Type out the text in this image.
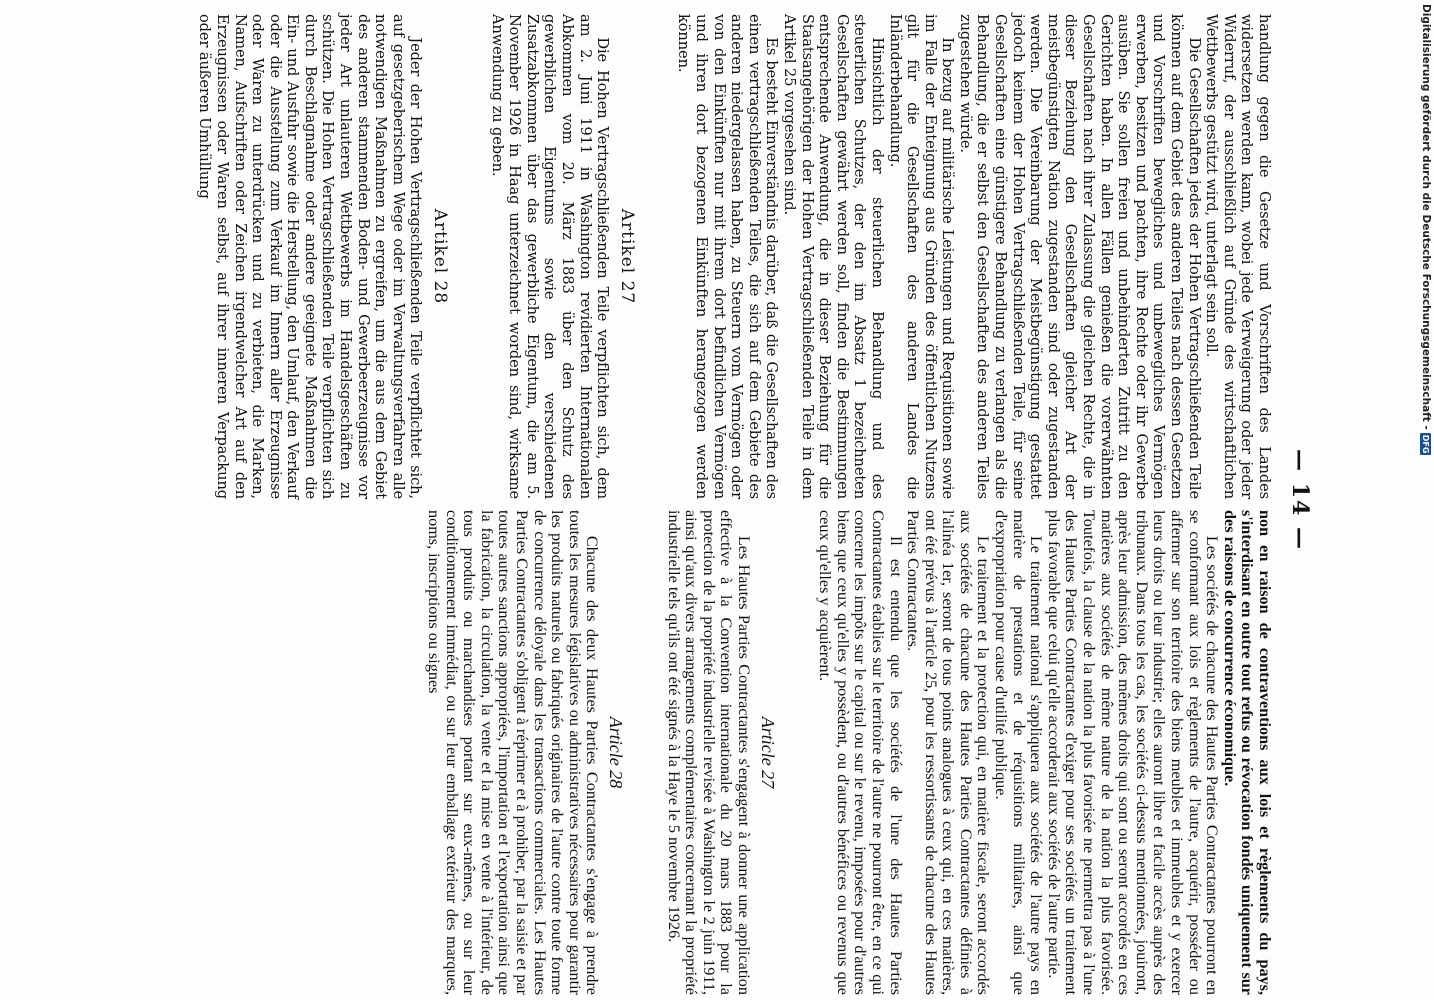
— 14 —

handlung gegen die Gesetze und Vorschriften des Landes widersetzen werden kann, wobei jede Verweigerung oder jeder Widerruf, der ausschließlich auf Gründe des wirtschaftlichen Wettbewerbs gestützt wird, unterlagt sein soll.

Die Gesellschaften jedes der Hohen Vertragschließenden Teile können auf dem Gebiet des anderen Teiles nach dessen Gesetzen und Vorschriften bewegliches und unbewegliches Vermögen erwerben, besitzen und pachten, ihre Rechte oder ihr Gewerbe ausüben. Sie sollen freien und unbehinderten Zutritt zu den Gerichten haben. In allen Fällen genießen die vorerwähnten Gesellschaften nach ihrer Zulassung die gleichen Rechte, die in dieser Beziehung den Gesellschaften gleicher Art der meistbegünstigten Nation zugestanden sind oder zugestanden werden. Die Vereinbarung der Meistbegünstigung gestattet jedoch keinem der Hohen Vertragschließenden Teile, für seine Gesellschaften eine günstigere Behandlung zu verlangen als die Behandlung, die er selbst den Gesellschaften des anderen Teiles zugestehen würde.

In bezug auf militärische Leistungen und Requisitionen sowie im Falle der Enteignung aus Gründen des öffentlichen Nutzens gilt für die Gesellschaften des anderen Landes die Inländerbehandlung.

Hinsichtlich der steuerlichen Behandlung und des steuerlichen Schutzes, der den im Absatz 1 bezeichneten Gesellschaften gewährt werden soll, finden die Bestimmungen entsprechende Anwendung, die in dieser Beziehung für die Staatsangehörigen der Hohen Vertragschließenden Teile in dem Artikel 25 vorgesehen sind.

Es besteht Einverständnis darüber, daß die Gesellschaften des einen vertragschließenden Teiles, die sich auf dem Gebiete des anderen niedergelassen haben, zu Steuern vom Vermögen oder von den Einkünften nur mit ihrem dort befindlichen Vermögen und ihren dort bezogenen Einkünften herangezogen werden können.

Artikel 27

Die Hohen Vertragschließenden Teile verpflichten sich, dem am 2. Juni 1911 in Washington revidierten Internationalen Abkommen vom 20. März 1883 über den Schutz des gewerblichen Eigentums sowie den verschiedenen Zusatzabkommen über das gewerbliche Eigentum, die am 5. November 1926 in Haag unterzeichnet worden sind, wirksame Anwendung zu geben.

Artikel 28

Jeder der Hohen Vertragschließenden Teile verpflichtet sich, auf gesetzgeberischem Wege oder im Verwaltungsverfahren alle notwendigen Maßnahmen zu ergreifen, um die aus dem Gebiet des anderen stammenden Boden- und Gewerbeerzeugnisse vor jeder Art unlauteren Wettbewerbs im Handelsgeschäften zu schützen. Die Hohen Vertragschließenden Teile verpflichten sich durch Beschlagnahme oder andere geeignete Maßnahmen die Ein- und Ausfuhr sowie die Herstellung, den Umlauf, den Verkauf oder die Ausstellung zum Verkauf im Innern aller Erzeugnisse oder Waren zu unterdrücken und zu verbieten, die Marken, Namen, Aufschriften oder Zeichen irgendwelcher Art auf den Erzeugnissen oder Waren selbst, auf ihrer inneren Verpackung oder äußeren Umhüllung

non en raison de contraventions aux lois et règlements du pays, s'interdisant en outre tout refus ou révocation fondés uniquement sur des raisons de concurrence économique.

Les sociétés de chacune des Hautes Parties Contractantes pourront en se conformant aux lois et règlements de l'autre, acquérir, posséder ou affermer sur son territoire des biens meubles et immeubles et y exercer leurs droits ou leur industrie; elles auront libre et facile accès auprès des tribunaux. Dans tous les cas, les sociétés ci-dessus mentionnées, jouiront, après leur admission, des mêmes droits qui sont ou seront accordés en ces matières aux sociétés de même nature de la nation la plus favorisée. Toutefois, la clause de la nation la plus favorisée ne permettra pas à l'une des Hautes Parties Contractantes d'exiger pour ses sociétés un traitement plus favorable que celui qu'elle accorderait aux sociétés de l'autre partie.

Le traitement national s'appliquera aux sociétés de l'autre pays en matière de prestations et de réquisitions militaires, ainsi que d'expropriation pour cause d'utilité publique.

Le traitement et la protection qui, en matière fiscale, seront accordés aux sociétés de chacune des Hautes Parties Contractantes définies à l'alinéa 1er, seront de tous points analogues à ceux qui, en ces matières, ont été prévus à l'article 25, pour les ressortissants de chacune des Hautes Parties Contractantes.

Il est entendu que les sociétés de l'une des Hautes Parties Contractantes établies sur le territoire de l'autre ne pourront être, en ce qui concerne les impôts sur le capital ou sur le revenu, imposées pour d'autres biens que ceux qu'elles y possèdent, ou d'autres bénéfices ou revenus que ceux qu'elles y acquièrent.

Article 27

Les Hautes Parties Contractantes s'engagent à donner une application effective à la Convention internationale du 20 mars 1883 pour la protection de la propriété industrielle revisée à Washington le 2 juin 1911, ainsi qu'aux divers arrangements complémentaires concernant la propriété industrielle tels qu'ils ont été signés à la Haye le 5 novembre 1926.

Article 28

Chacune des deux Hautes Parties Contractantes s'engage à prendre toutes les mesures législatives ou administratives nécessaires pour garantir les produits naturels ou fabriqués originaires de l'autre contre toute forme de concurrence déloyale dans les transactions commerciales. Les Hautes Parties Contractantes s'obligent à réprimer et à prohiber, par la saisie et par toutes autres sanctions appropriées, l'importation et l'exportation ainsi que la fabrication, la circulation, la vente et la mise en vente à l'intérieur, de tous produits ou marchandises portant sur eux-mêmes, ou sur leur conditionnement immédiat, ou sur leur emballage extérieur des marques, noms, inscriptions ou signes

Digitalisierung gefördert durch die Deutsche Forschungsgemeinschaft -
DFG
